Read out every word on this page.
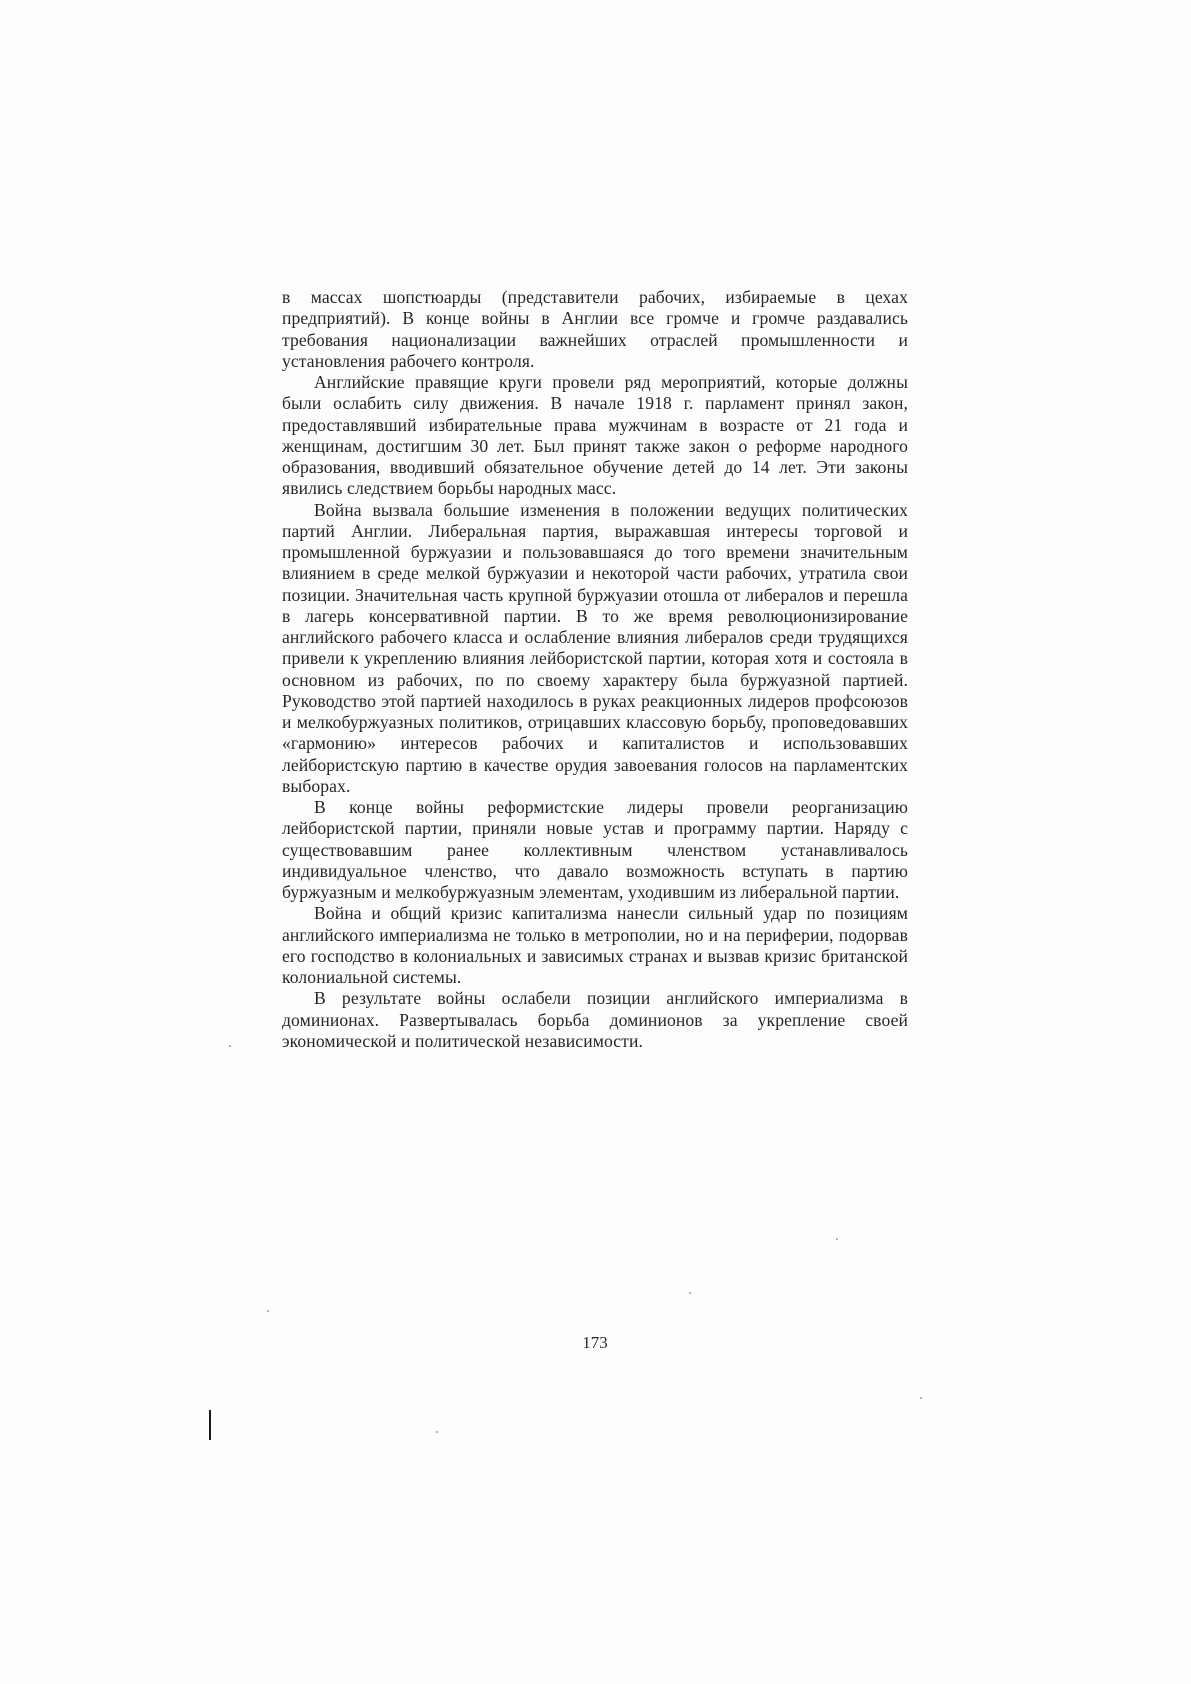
в массах шопстюарды (представители рабочих, избираемые в цехах предприятий). В конце войны в Англии все громче и громче раздавались требования национализации важнейших отраслей промышленности и установления рабочего контроля.

Английские правящие круги провели ряд мероприятий, которые должны были ослабить силу движения. В начале 1918 г. парламент принял закон, предоставлявший избирательные права мужчинам в возрасте от 21 года и женщинам, достигшим 30 лет. Был принят также закон о реформе народного образования, вводивший обязательное обучение детей до 14 лет. Эти законы явились следствием борьбы народных масс.

Война вызвала большие изменения в положении ведущих политических партий Англии. Либеральная партия, выражавшая интересы торговой и промышленной буржуазии и пользовавшаяся до того времени значительным влиянием в среде мелкой буржуазии и некоторой части рабочих, утратила свои позиции. Значительная часть крупной буржуазии отошла от либералов и перешла в лагерь консервативной партии. В то же время революционизирование английского рабочего класса и ослабление влияния либералов среди трудящихся привели к укреплению влияния лейбористской партии, которая хотя и состояла в основном из рабочих, по по своему характеру была буржуазной партией. Руководство этой партией находилось в руках реакционных лидеров профсоюзов и мелкобуржуазных политиков, отрицавших классовую борьбу, проповедовавших «гармонию» интересов рабочих и капиталистов и использовавших лейбористскую партию в качестве орудия завоевания голосов на парламентских выборах.

В конце войны реформистские лидеры провели реорганизацию лейбористской партии, приняли новые устав и программу партии. Наряду с существовавшим ранее коллективным членством устанавливалось индивидуальное членство, что давало возможность вступать в партию буржуазным и мелкобуржуазным элементам, уходившим из либеральной партии.

Война и общий кризис капитализма нанесли сильный удар по позициям английского империализма не только в метрополии, но и на периферии, подорвав его господство в колониальных и зависимых странах и вызвав кризис британской колониальной системы.

В результате войны ослабели позиции английского империализма в доминионах. Развертывалась борьба доминионов за укрепление своей экономической и политической независимости.

173
